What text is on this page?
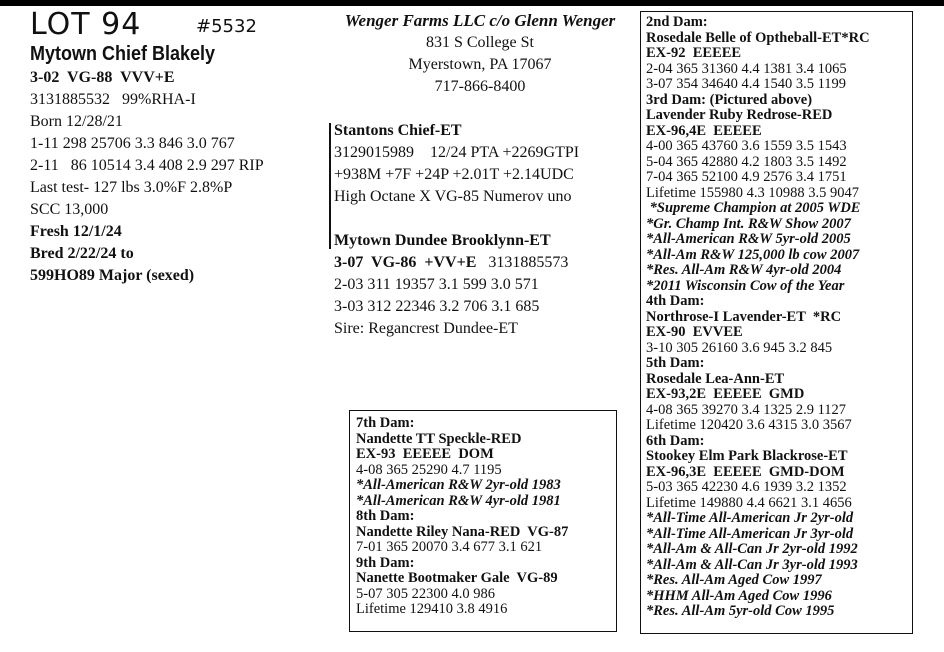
LOT 94	#5532
Mytown Chief Blakely
3-02  VG-88  VVV+E
3131885532   99%RHA-I
Born 12/28/21
1-11 298 25706 3.3 846 3.0 767
2-11   86 10514 3.4 408 2.9 297 RIP
Last test- 127 lbs 3.0%F 2.8%P
SCC 13,000
Fresh 12/1/24
Bred 2/22/24 to
599HO89 Major (sexed)
Wenger Farms LLC c/o Glenn Wenger
831 S College St
Myerstown, PA 17067
717-866-8400
Stantons Chief-ET
3129015989    12/24 PTA +2269GTPI
+938M +7F +24P +2.01T +2.14UDC
High Octane X VG-85 Numerov uno
Mytown Dundee Brooklynn-ET
3-07  VG-86  +VV+E   3131885573
2-03 311 19357 3.1 599 3.0 571
3-03 312 22346 3.2 706 3.1 685
Sire: Regancrest Dundee-ET
7th Dam:
Nandette TT Speckle-RED
EX-93  EEEEE  DOM
4-08 365 25290 4.7 1195
*All-American R&W 2yr-old 1983
*All-American R&W 4yr-old 1981
8th Dam:
Nandette Riley Nana-RED  VG-87
7-01 365 20070 3.4 677 3.1 621
9th Dam:
Nanette Bootmaker Gale  VG-89
5-07 305 22300 4.0 986
Lifetime 129410 3.8 4916
2nd Dam:
Rosedale Belle of Optheball-ET*RC
EX-92  EEEEE
2-04 365 31360 4.4 1381 3.4 1065
3-07 354 34640 4.4 1540 3.5 1199
3rd Dam: (Pictured above)
Lavender Ruby Redrose-RED
EX-96,4E  EEEEE
4-00 365 43760 3.6 1559 3.5 1543
5-04 365 42880 4.2 1803 3.5 1492
7-04 365 52100 4.9 2576 3.4 1751
Lifetime 155980 4.3 10988 3.5 9047
*Supreme Champion at 2005 WDE
*Gr. Champ Int. R&W Show 2007
*All-American R&W 5yr-old 2005
*All-Am R&W 125,000 lb cow 2007
*Res. All-Am R&W 4yr-old 2004
*2011 Wisconsin Cow of the Year
4th Dam:
Northrose-I Lavender-ET  *RC
EX-90  EVVEE
3-10 305 26160 3.6 945 3.2 845
5th Dam:
Rosedale Lea-Ann-ET
EX-93,2E  EEEEE  GMD
4-08 365 39270 3.4 1325 2.9 1127
Lifetime 120420 3.6 4315 3.0 3567
6th Dam:
Stookey Elm Park Blackrose-ET
EX-96,3E  EEEEE  GMD-DOM
5-03 365 42230 4.6 1939 3.2 1352
Lifetime 149880 4.4 6621 3.1 4656
*All-Time All-American Jr 2yr-old
*All-Time All-American Jr 3yr-old
*All-Am & All-Can Jr 2yr-old 1992
*All-Am & All-Can Jr 3yr-old 1993
*Res. All-Am Aged Cow 1997
*HHM All-Am Aged Cow 1996
*Res. All-Am 5yr-old Cow 1995
